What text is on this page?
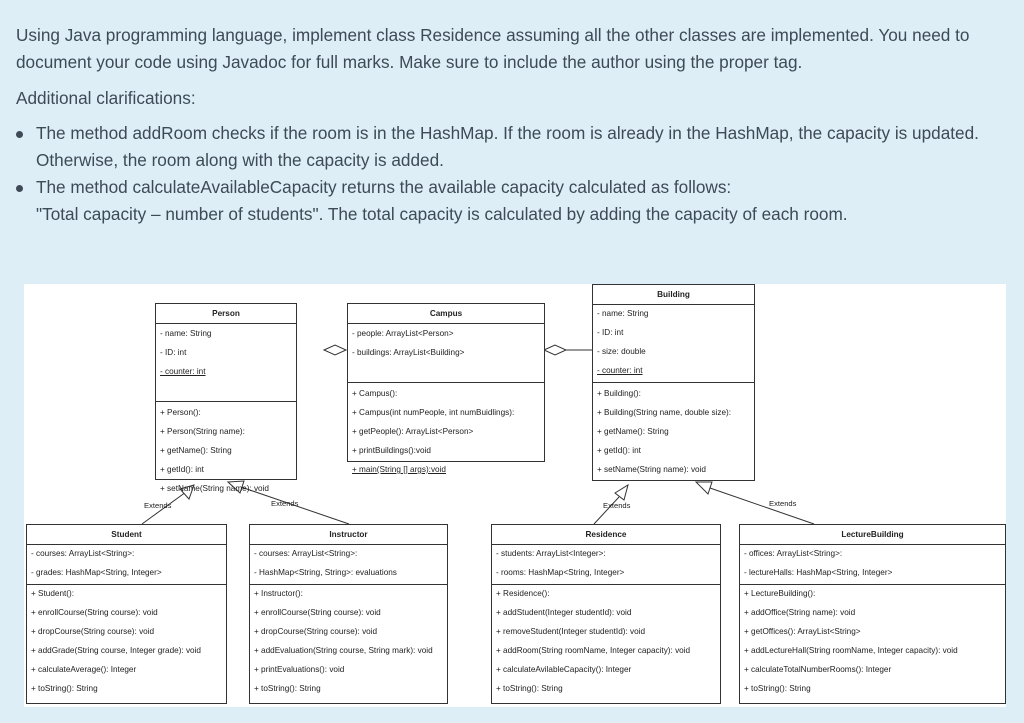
Using Java programming language, implement class Residence assuming all the other classes are implemented. You need to document your code using Javadoc for full marks. Make sure to include the author using the proper tag.

Additional clarifications:

The method addRoom checks if the room is in the HashMap. If the room is already in the HashMap, the capacity is updated. Otherwise, the room along with the capacity is added.
The method calculateAvailableCapacity returns the available capacity calculated as follows:
"Total capacity – number of students". The total capacity is calculated by adding the capacity of each room.
Extends	Extends	Extends	Extends
Person
- name: String
- ID: int
- counter: int
+ Person():
+ Person(String name):
+ getName(): String
+ getId(): int
+ setName(String name): void
Campus
- people: ArrayList<Person>
- buildings: ArrayList<Building>
+ Campus():
+ Campus(int numPeople, int numBuidlings):
+ getPeople(): ArrayList<Person>
+ printBuildings():void
+ main(String [] args):void
Building
- name: String
- ID: int
- size: double
- counter: int
+ Building():
+ Building(String name, double size):
+ getName(): String
+ getId(): int
+ setName(String name): void
Student
- courses: ArrayList<String>:
- grades: HashMap<String, Integer>
+ Student():
+ enrollCourse(String course): void
+ dropCourse(String course): void
+ addGrade(String course, Integer grade): void
+ calculateAverage(): Integer
+ toString(): String
Instructor
- courses: ArrayList<String>:
- HashMap<String, String>: evaluations
+ Instructor():
+ enrollCourse(String course): void
+ dropCourse(String course): void
+ addEvaluation(String course, String mark): void
+ printEvaluations(): void
+ toString(): String
Residence
- students: ArrayList<Integer>:
- rooms: HashMap<String, Integer>
+ Residence():
+ addStudent(Integer studentId): void
+ removeStudent(Integer studentId): void
+ addRoom(String roomName, Integer capacity): void
+ calculateAvilableCapacity(): Integer
+ toString(): String
LectureBuilding
- offices: ArrayList<String>:
- lectureHalls: HashMap<String, Integer>
+ LectureBuilding():
+ addOffice(String name): void
+ getOffices(): ArrayList<String>
+ addLectureHall(String roomName, Integer capacity): void
+ calculateTotalNumberRooms(): Integer
+ toString(): String
